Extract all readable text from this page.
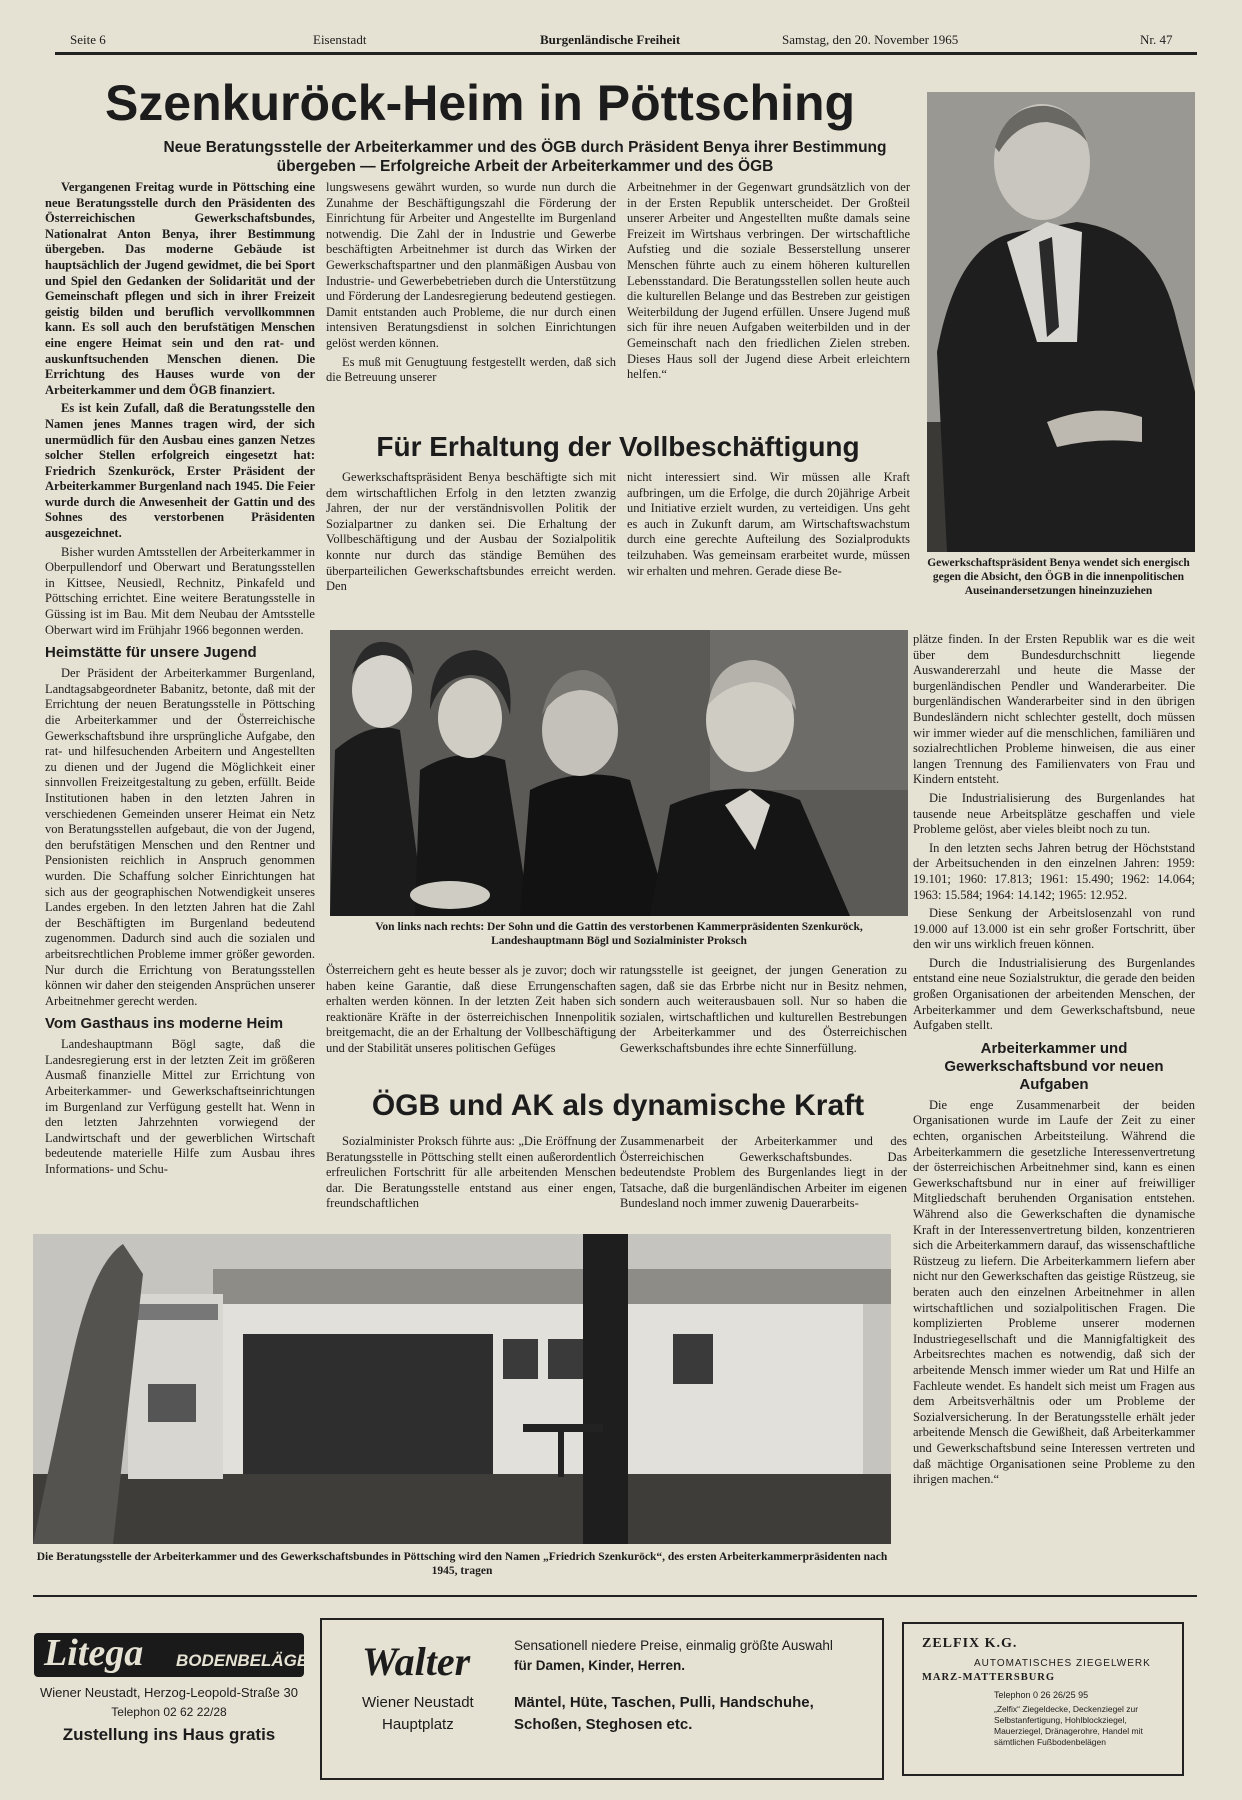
Seite 6	Eisenstadt	Burgenländische Freiheit	Samstag, den 20. November 1965	Nr. 47
Szenkuröck-Heim in Pöttsching
Neue Beratungsstelle der Arbeiterkammer und des ÖGB durch Präsident Benya ihrer Bestimmung übergeben — Erfolgreiche Arbeit der Arbeiterkammer und des ÖGB
Gewerkschaftspräsident Benya wendet sich energisch gegen die Absicht, den ÖGB in die innenpolitischen Auseinandersetzungen hineinzuziehen

Vergangenen Freitag wurde in Pöttsching eine neue Beratungsstelle durch den Präsidenten des Österreichischen Gewerkschaftsbundes, Nationalrat Anton Benya, ihrer Bestimmung übergeben. Das moderne Gebäude ist hauptsächlich der Jugend gewidmet, die bei Sport und Spiel den Gedanken der Solidarität und der Gemeinschaft pflegen und sich in ihrer Freizeit geistig bilden und beruflich vervollkommnen kann. Es soll auch den berufstätigen Menschen eine engere Heimat sein und den rat- und auskunftsuchenden Menschen dienen. Die Errichtung des Hauses wurde von der Arbeiterkammer und dem ÖGB finanziert.

Es ist kein Zufall, daß die Beratungsstelle den Namen jenes Mannes tragen wird, der sich unermüdlich für den Ausbau eines ganzen Netzes solcher Stellen erfolgreich eingesetzt hat: Friedrich Szenkuröck, Erster Präsident der Arbeiterkammer Burgenland nach 1945. Die Feier wurde durch die Anwesenheit der Gattin und des Sohnes des verstorbenen Präsidenten ausgezeichnet.

Bisher wurden Amtsstellen der Arbeiterkammer in Oberpullendorf und Oberwart und Beratungsstellen in Kittsee, Neusiedl, Rechnitz, Pinkafeld und Pöttsching errichtet. Eine weitere Beratungsstelle in Güssing ist im Bau. Mit dem Neubau der Amtsstelle Oberwart wird im Frühjahr 1966 begonnen werden.

Heimstätte für unsere Jugend

Der Präsident der Arbeiterkammer Burgenland, Landtagsabgeordneter Babanitz, betonte, daß mit der Errichtung der neuen Beratungsstelle in Pöttsching die Arbeiterkammer und der Österreichische Gewerkschaftsbund ihre ursprüngliche Aufgabe, den rat- und hilfesuchenden Arbeitern und Angestellten zu dienen und der Jugend die Möglichkeit einer sinnvollen Freizeitgestaltung zu geben, erfüllt. Beide Institutionen haben in den letzten Jahren in verschiedenen Gemeinden unserer Heimat ein Netz von Beratungsstellen aufgebaut, die von der Jugend, den berufstätigen Menschen und den Rentner und Pensionisten reichlich in Anspruch genommen wurden. Die Schaffung solcher Einrichtungen hat sich aus der geographischen Notwendigkeit unseres Landes ergeben. In den letzten Jahren hat die Zahl der Beschäftigten im Burgenland bedeutend zugenommen. Dadurch sind auch die sozialen und arbeitsrechtlichen Probleme immer größer geworden. Nur durch die Errichtung von Beratungsstellen können wir daher den steigenden Ansprüchen unserer Arbeitnehmer gerecht werden.

Vom Gasthaus ins moderne Heim

Landeshauptmann Bögl sagte, daß die Landesregierung erst in der letzten Zeit im größeren Ausmaß finanzielle Mittel zur Errichtung von Arbeiterkammer- und Gewerkschaftseinrichtungen im Burgenland zur Verfügung gestellt hat. Wenn in den letzten Jahrzehnten vorwiegend der Landwirtschaft und der gewerblichen Wirtschaft bedeutende materielle Hilfe zum Ausbau ihres Informations- und Schu-

lungswesens gewährt wurden, so wurde nun durch die Zunahme der Beschäftigungszahl die Förderung der Einrichtung für Arbeiter und Angestellte im Burgenland notwendig. Die Zahl der in Industrie und Gewerbe beschäftigten Arbeitnehmer ist durch das Wirken der Gewerkschaftspartner und den planmäßigen Ausbau von Industrie- und Gewerbebetrieben durch die Unterstützung und Förderung der Landesregierung bedeutend gestiegen. Damit entstanden auch Probleme, die nur durch einen intensiven Beratungsdienst in solchen Einrichtungen gelöst werden können.

Es muß mit Genugtuung festgestellt werden, daß sich die Betreuung unserer

Arbeitnehmer in der Gegenwart grundsätzlich von der in der Ersten Republik unterscheidet. Der Großteil unserer Arbeiter und Angestellten mußte damals seine Freizeit im Wirtshaus verbringen. Der wirtschaftliche Aufstieg und die soziale Besserstellung unserer Menschen führte auch zu einem höheren kulturellen Lebensstandard. Die Beratungsstellen sollen heute auch die kulturellen Belange und das Bestreben zur geistigen Weiterbildung der Jugend erfüllen. Unsere Jugend muß sich für ihre neuen Aufgaben weiterbilden und in der Gemeinschaft nach den friedlichen Zielen streben. Dieses Haus soll der Jugend diese Arbeit erleichtern helfen.“

Für Erhaltung der Vollbeschäftigung

Gewerkschaftspräsident Benya beschäftigte sich mit dem wirtschaftlichen Erfolg in den letzten zwanzig Jahren, der nur der verständnisvollen Politik der Sozialpartner zu danken sei. Die Erhaltung der Vollbeschäftigung und der Ausbau der Sozialpolitik konnte nur durch das ständige Bemühen des überparteilichen Gewerkschaftsbundes erreicht werden. Den

nicht interessiert sind. Wir müssen alle Kraft aufbringen, um die Erfolge, die durch 20jährige Arbeit und Initiative erzielt wurden, zu verteidigen. Uns geht es auch in Zukunft darum, am Wirtschaftswachstum durch eine gerechte Aufteilung des Sozialprodukts teilzuhaben. Was gemeinsam erarbeitet wurde, müssen wir erhalten und mehren. Gerade diese Be-

Von links nach rechts: Der Sohn und die Gattin des verstorbenen Kammerpräsidenten Szenkuröck, Landeshauptmann Bögl und Sozialminister Proksch

Österreichern geht es heute besser als je zuvor; doch wir haben keine Garantie, daß diese Errungenschaften erhalten werden können. In der letzten Zeit haben sich reaktionäre Kräfte in der österreichischen Innenpolitik breitgemacht, die an der Erhaltung der Vollbeschäftigung und der Stabilität unseres politischen Gefüges

ratungsstelle ist geeignet, der jungen Generation zu sagen, daß sie das Erbrbe nicht nur in Besitz nehmen, sondern auch weiterausbauen soll. Nur so haben die sozialen, wirtschaftlichen und kulturellen Bestrebungen der Arbeiterkammer und des Österreichischen Gewerkschaftsbundes ihre echte Sinnerfüllung.

ÖGB und AK als dynamische Kraft

Sozialminister Proksch führte aus: „Die Eröffnung der Beratungsstelle in Pöttsching stellt einen außerordentlich erfreulichen Fortschritt für alle arbeitenden Menschen dar. Die Beratungsstelle entstand aus einer engen, freundschaftlichen

Zusammenarbeit der Arbeiterkammer und des Österreichischen Gewerkschaftsbundes. Das bedeutendste Problem des Burgenlandes liegt in der Tatsache, daß die burgenländischen Arbeiter im eigenen Bundesland noch immer zuwenig Dauerarbeits-

plätze finden. In der Ersten Republik war es die weit über dem Bundesdurchschnitt liegende Auswandererzahl und heute die Masse der burgenländischen Pendler und Wanderarbeiter. Die burgenländischen Wanderarbeiter sind in den übrigen Bundesländern nicht schlechter gestellt, doch müssen wir immer wieder auf die menschlichen, familiären und sozialrechtlichen Probleme hinweisen, die aus einer langen Trennung des Familienvaters von Frau und Kindern entsteht.

Die Industrialisierung des Burgenlandes hat tausende neue Arbeitsplätze geschaffen und viele Probleme gelöst, aber vieles bleibt noch zu tun.

In den letzten sechs Jahren betrug der Höchststand der Arbeitsuchenden in den einzelnen Jahren: 1959: 19.101; 1960: 17.813; 1961: 15.490; 1962: 14.064; 1963: 15.584; 1964: 14.142; 1965: 12.952.

Diese Senkung der Arbeitslosenzahl von rund 19.000 auf 13.000 ist ein sehr großer Fortschritt, über den wir uns wirklich freuen können.

Durch die Industrialisierung des Burgenlandes entstand eine neue Sozialstruktur, die gerade den beiden großen Organisationen der arbeitenden Menschen, der Arbeiterkammer und dem Gewerkschaftsbund, neue Aufgaben stellt.

Arbeiterkammer und Gewerkschaftsbund vor neuen Aufgaben

Die enge Zusammenarbeit der beiden Organisationen wurde im Laufe der Zeit zu einer echten, organischen Arbeitsteilung. Während die Arbeiterkammern die gesetzliche Interessenvertretung der österreichischen Arbeitnehmer sind, kann es einen Gewerkschaftsbund nur in einer auf freiwilliger Mitgliedschaft beruhenden Organisation entstehen. Während also die Gewerkschaften die dynamische Kraft in der Interessenvertretung bilden, konzentrieren sich die Arbeiterkammern darauf, das wissenschaftliche Rüstzeug zu liefern. Die Arbeiterkammern liefern aber nicht nur den Gewerkschaften das geistige Rüstzeug, sie beraten auch den einzelnen Arbeitnehmer in allen wirtschaftlichen und sozialpolitischen Fragen. Die komplizierten Probleme unserer modernen Industriegesellschaft und die Mannigfaltigkeit des Arbeitsrechtes machen es notwendig, daß sich der arbeitende Mensch immer wieder um Rat und Hilfe an Fachleute wendet. Es handelt sich meist um Fragen aus dem Arbeitsverhältnis oder um Probleme der Sozialversicherung. In der Beratungsstelle erhält jeder arbeitende Mensch die Gewißheit, daß Arbeiterkammer und Gewerkschaftsbund seine Interessen vertreten und daß mächtige Organisationen seine Probleme zu den ihrigen machen.“

Die Beratungsstelle der Arbeiterkammer und des Gewerkschaftsbundes in Pöttsching wird den Namen „Friedrich Szenkuröck“, des ersten Arbeiterkammerpräsidenten nach 1945, tragen
Litega BODENBELÄGE
Wiener Neustadt, Herzog-Leopold-Straße 30
Telephon 02 62 22/28
Zustellung ins Haus gratis
Walter
Wiener Neustadt
Hauptplatz
Sensationell niedere Preise, einmalig größte Auswahl
für Damen, Kinder, Herren.
Mäntel, Hüte, Taschen, Pulli, Handschuhe,
Schoßen, Steghosen etc.
ZELFIX K.G.
AUTOMATISCHES ZIEGELWERK
MARZ-MATTERSBURG
Telephon 0 26 26/25 95
„Zelfix“ Ziegeldecke, Deckenziegel zur Selbstanfertigung, Hohlblockziegel, Mauerziegel, Dränagerohre, Handel mit sämtlichen Fußbodenbelägen
